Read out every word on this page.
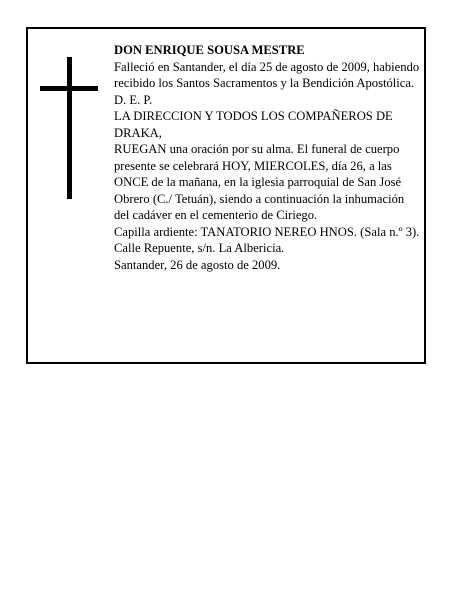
DON ENRIQUE SOUSA MESTRE

Falleció en Santander, el día 25 de agosto de 2009, habiendo recibido los Santos Sacramentos y la Bendición Apostólica.

D. E. P.

LA DIRECCION Y TODOS LOS COMPAÑEROS DE DRAKA,

RUEGAN una oración por su alma. El funeral de cuerpo presente se celebrará HOY, MIERCOLES, día 26, a las ONCE de la mañana, en la iglesia parroquial de San José Obrero (C./ Tetuán), siendo a continuación la inhumación del cadáver en el cementerio de Ciriego.

Capilla ardiente: TANATORIO NEREO HNOS. (Sala n.º 3).

Calle Repuente, s/n. La Albericia.

Santander, 26 de agosto de 2009.
